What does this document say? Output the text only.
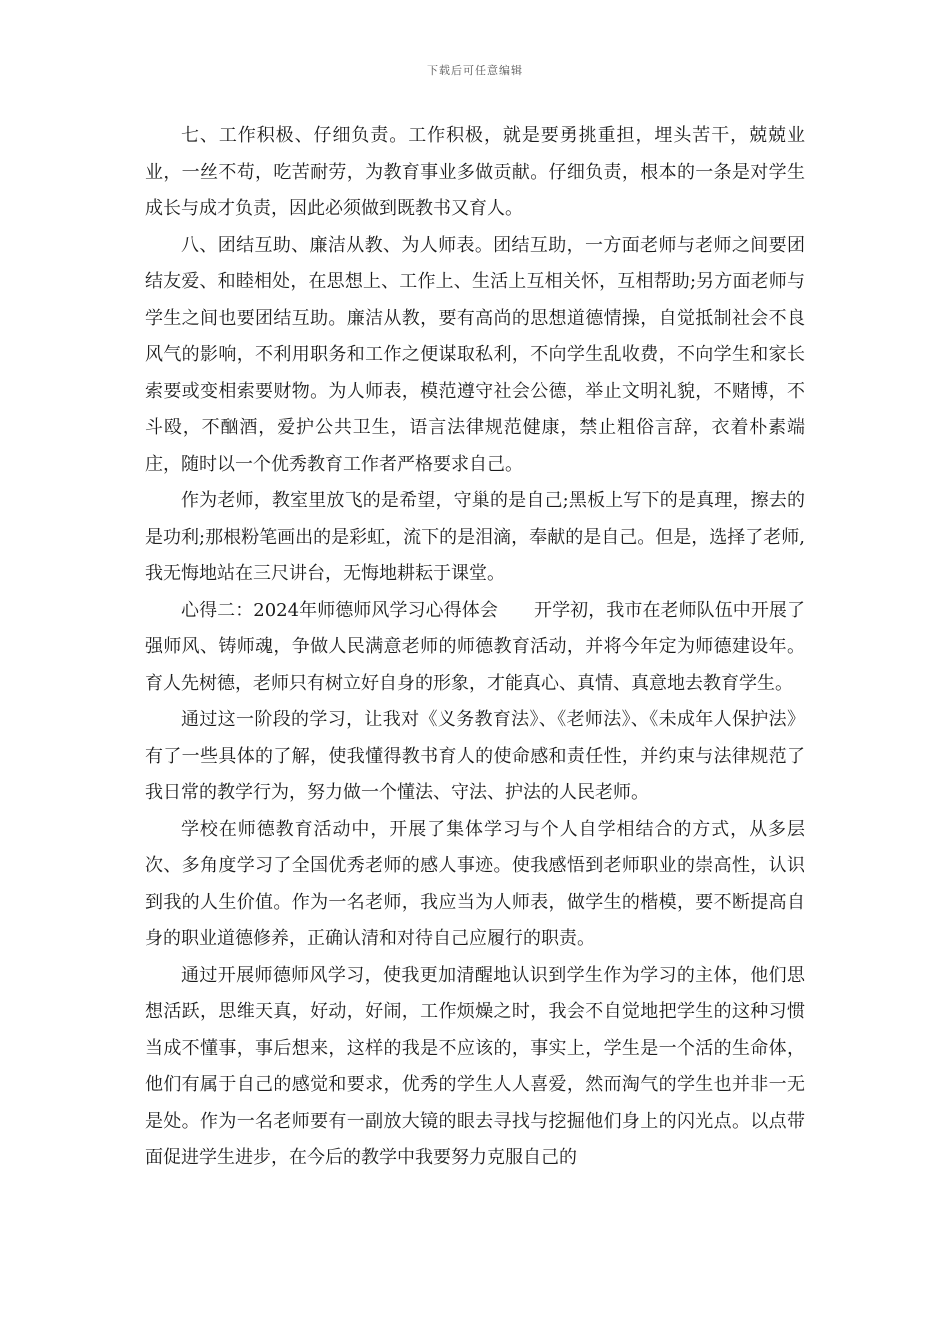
下载后可任意编辑

七、工作积极、仔细负责。工作积极，就是要勇挑重担，埋头苦干，兢兢业业，一丝不苟，吃苦耐劳，为教育事业多做贡献。仔细负责，根本的一条是对学生成长与成才负责，因此必须做到既教书又育人。

八、团结互助、廉洁从教、为人师表。团结互助，一方面老师与老师之间要团结友爱、和睦相处，在思想上、工作上、生活上互相关怀，互相帮助;另方面老师与学生之间也要团结互助。廉洁从教，要有高尚的思想道德情操，自觉抵制社会不良风气的影响，不利用职务和工作之便谋取私利，不向学生乱收费，不向学生和家长索要或变相索要财物。为人师表，模范遵守社会公德，举止文明礼貌，不赌博，不斗殴，不酗酒，爱护公共卫生，语言法律规范健康，禁止粗俗言辞，衣着朴素端庄，随时以一个优秀教育工作者严格要求自己。

作为老师，教室里放飞的是希望，守巢的是自己;黑板上写下的是真理，擦去的是功利;那根粉笔画出的是彩虹，流下的是泪滴，奉献的是自己。但是，选择了老师,我无悔地站在三尺讲台，无悔地耕耘于课堂。

心得二：2024年师德师风学习心得体会　　开学初，我市在老师队伍中开展了强师风、铸师魂，争做人民满意老师的师德教育活动，并将今年定为师德建设年。育人先树德，老师只有树立好自身的形象，才能真心、真情、真意地去教育学生。

通过这一阶段的学习，让我对《义务教育法》、《老师法》、《未成年人保护法》有了一些具体的了解，使我懂得教书育人的使命感和责任性，并约束与法律规范了我日常的教学行为，努力做一个懂法、守法、护法的人民老师。

学校在师德教育活动中，开展了集体学习与个人自学相结合的方式，从多层次、多角度学习了全国优秀老师的感人事迹。使我感悟到老师职业的崇高性，认识到我的人生价值。作为一名老师，我应当为人师表，做学生的楷模，要不断提高自身的职业道德修养，正确认清和对待自己应履行的职责。

通过开展师德师风学习，使我更加清醒地认识到学生作为学习的主体，他们思想活跃，思维天真，好动，好闹，工作烦燥之时，我会不自觉地把学生的这种习惯当成不懂事，事后想来，这样的我是不应该的，事实上，学生是一个活的生命体，他们有属于自己的感觉和要求，优秀的学生人人喜爱，然而淘气的学生也并非一无是处。作为一名老师要有一副放大镜的眼去寻找与挖掘他们身上的闪光点。以点带面促进学生进步，在今后的教学中我要努力克服自己的
